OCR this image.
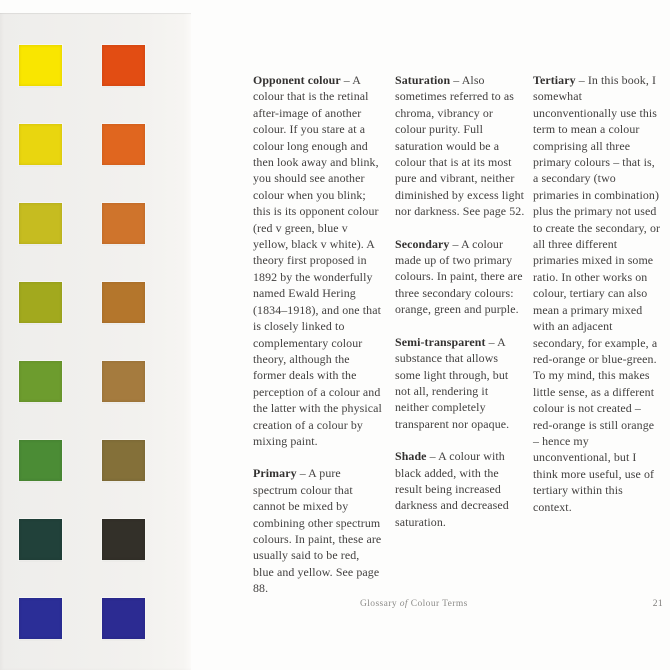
Opponent colour – A colour that is the retinal after-image of another colour. If you stare at a colour long enough and then look away and blink, you should see another colour when you blink; this is its opponent colour (red v green, blue v yellow, black v white). A theory first proposed in 1892 by the wonderfully named Ewald Hering (1834–1918), and one that is closely linked to complementary colour theory, although the former deals with the perception of a colour and the latter with the physical creation of a colour by mixing paint.

Primary – A pure spectrum colour that cannot be mixed by combining other spectrum colours. In paint, these are usually said to be red, blue and yellow. See page 88.

Saturation – Also sometimes referred to as chroma, vibrancy or colour purity. Full saturation would be a colour that is at its most pure and vibrant, neither diminished by excess light nor darkness. See page 52.

Secondary – A colour made up of two primary colours. In paint, there are three secondary colours: orange, green and purple.

Semi-transparent – A substance that allows some light through, but not all, rendering it neither completely transparent nor opaque.

Shade – A colour with black added, with the result being increased darkness and decreased saturation.

Tertiary – In this book, I somewhat unconventionally use this term to mean a colour comprising all three primary colours – that is, a secondary (two primaries in combination) plus the primary not used to create the secondary, or all three different primaries mixed in some ratio. In other works on colour, tertiary can also mean a primary mixed with an adjacent secondary, for example, a red-orange or blue-green. To my mind, this makes little sense, as a different colour is not created – red-orange is still orange – hence my unconventional, but I think more useful, use of tertiary within this context.

Glossary of Colour Terms	21
